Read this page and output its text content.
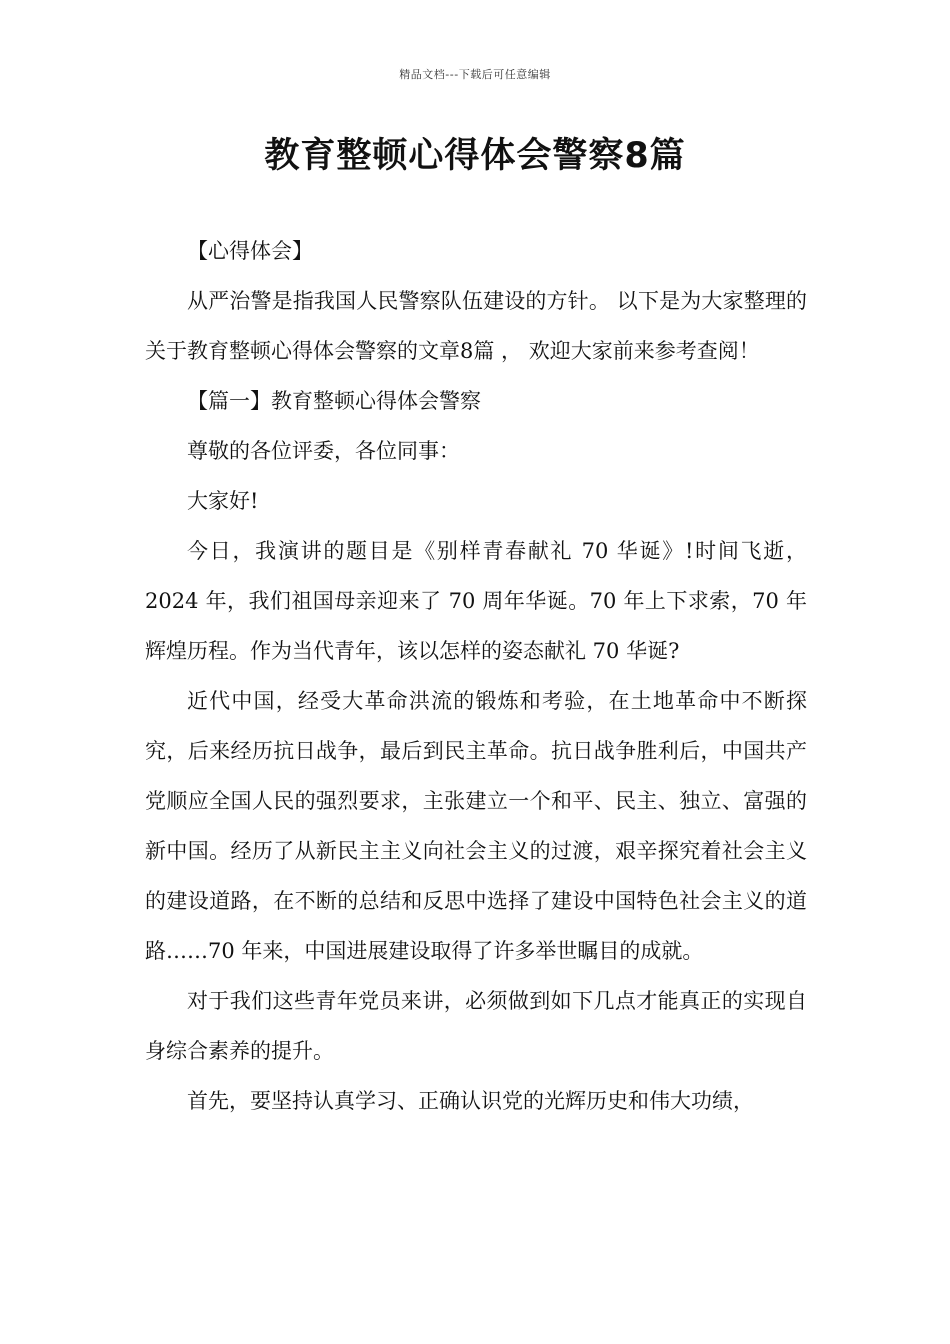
精品文档---下载后可任意编辑
教育整顿心得体会警察8篇

【心得体会】

从严治警是指我国人民警察队伍建设的方针。 以下是为大家整理的关于教育整顿心得体会警察的文章8篇 ， 欢迎大家前来参考查阅！

【篇一】教育整顿心得体会警察

尊敬的各位评委，各位同事：

大家好!

今日，我演讲的题目是《别样青春献礼 70 华诞》!时间飞逝，2024 年，我们祖国母亲迎来了 70 周年华诞。70 年上下求索，70 年辉煌历程。作为当代青年，该以怎样的姿态献礼 70 华诞?

近代中国，经受大革命洪流的锻炼和考验，在土地革命中不断探究，后来经历抗日战争，最后到民主革命。抗日战争胜利后，中国共产党顺应全国人民的强烈要求，主张建立一个和平、民主、独立、富强的新中国。经历了从新民主主义向社会主义的过渡，艰辛探究着社会主义的建设道路，在不断的总结和反思中选择了建设中国特色社会主义的道路……70 年来，中国进展建设取得了许多举世瞩目的成就。

对于我们这些青年党员来讲，必须做到如下几点才能真正的实现自身综合素养的提升。

首先，要坚持认真学习、正确认识党的光辉历史和伟大功绩，
